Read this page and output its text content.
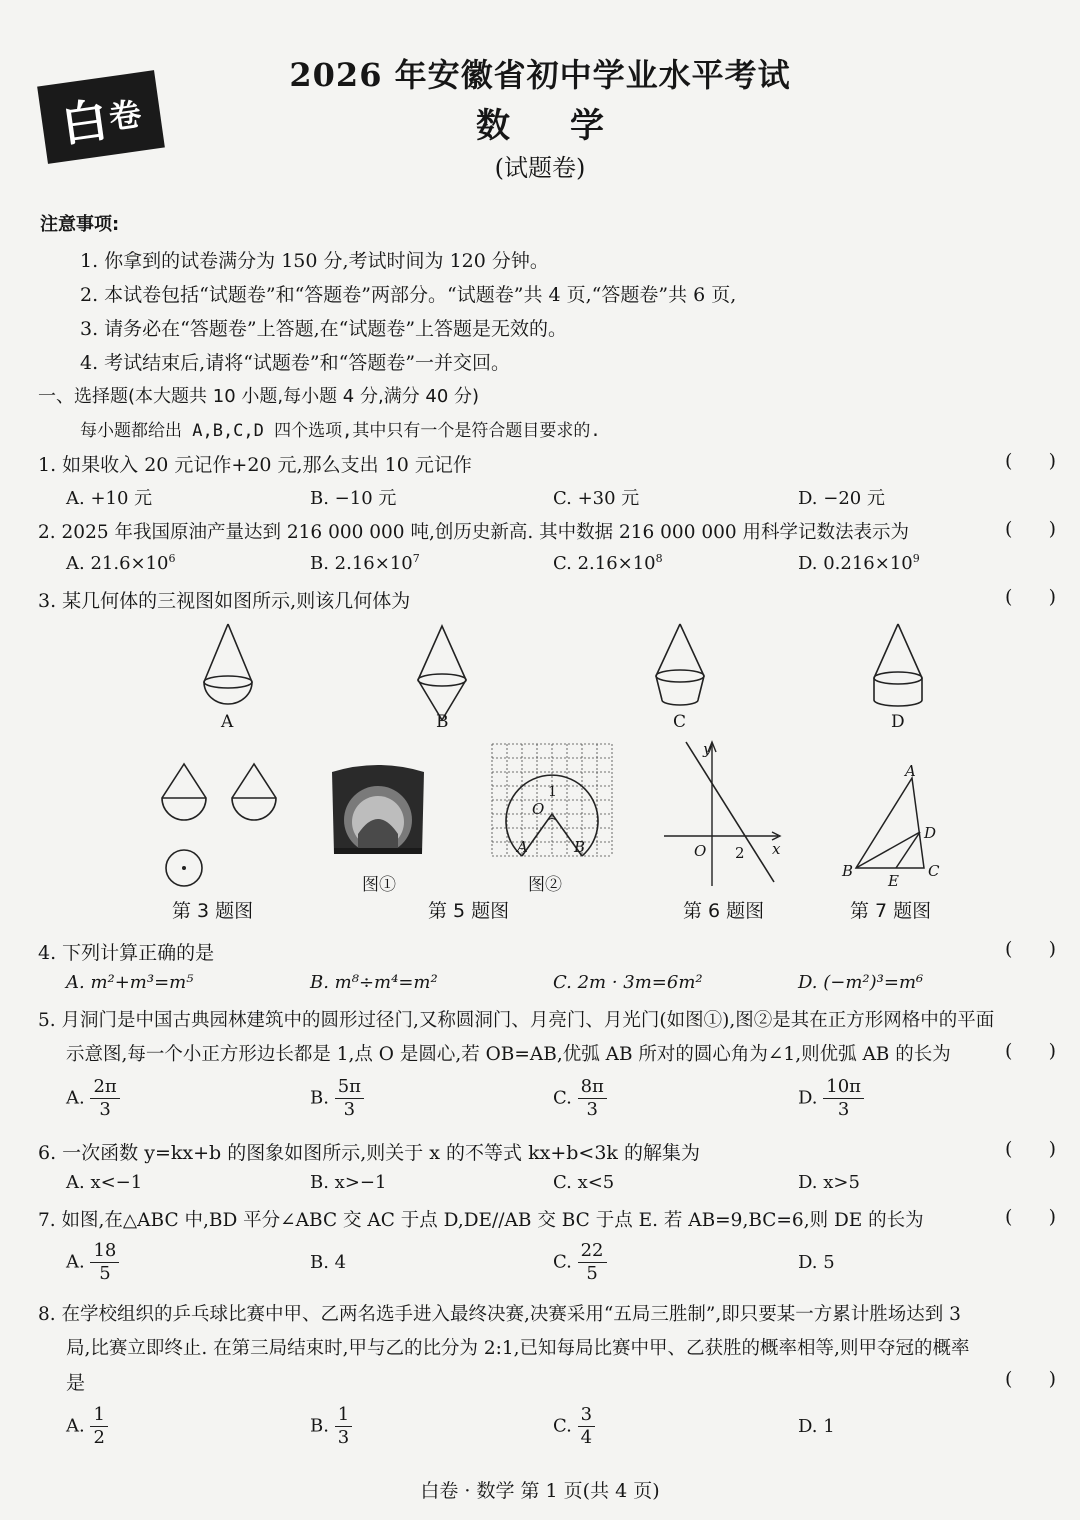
白
卷
2026 年安徽省初中学业水平考试
数学
(试题卷)
注意事项:
1. 你拿到的试卷满分为 150 分,考试时间为 120 分钟。
2. 本试卷包括“试题卷”和“答题卷”两部分。“试题卷”共 4 页,“答题卷”共 6 页,
3. 请务必在“答题卷”上答题,在“试题卷”上答题是无效的。
4. 考试结束后,请将“试题卷”和“答题卷”一并交回。
一、选择题(本大题共 10 小题,每小题 4 分,满分 40 分)
每小题都给出 A,B,C,D 四个选项,其中只有一个是符合题目要求的.
1. 如果收入 20 元记作+20 元,那么支出 10 元记作	(      )
A. +10 元	B. −10 元	C. +30 元	D. −20 元
2. 2025 年我国原油产量达到 216 000 000 吨,创历史新高. 其中数据 216 000 000 用科学记数法表示为	(      )
A. $21.6\times 10^6$	B. $2.16\times 10^7$	C. $2.16\times 10^8$	D. $0.216\times 10^9$
3. 某几何体的三视图如图所示,则该几何体为	(      )
A	B	C	D
第 3 题图
图①
O
1
A	B
图②
第 5 题图
y
x
O 2
第 6 题图
A
D
B	C
E
第 7 题图
4. 下列计算正确的是	(      )
A. m²+m³=m⁵	B. m⁸÷m⁴=m²	C. 2m · 3m=6m²	D. (−m²)³=m⁶
5. 月洞门是中国古典园林建筑中的圆形过径门,又称圆洞门、月亮门、月光门(如图①),图②是其在正方形网格中的平面
示意图,每一个小正方形边长都是 1,点 O 是圆心,若 OB=AB,优弧 AB 所对的圆心角为∠1,则优弧 AB 的长为	(      )
A. $\frac{2\pi}{3}$	B. $\frac{5\pi}{3}$	C. $\frac{8\pi}{3}$	D. $\frac{10\pi}{3}$
6. 一次函数 y=kx+b 的图象如图所示,则关于 x 的不等式 kx+b<3k 的解集为	(      )
A. x<−1	B. x>−1	C. x<5	D. x>5
7. 如图,在△ABC 中,BD 平分∠ABC 交 AC 于点 D,DE//AB 交 BC 于点 E. 若 AB=9,BC=6,则 DE 的长为	(      )
A. $\frac{18}{5}$	B. 4	C. $\frac{22}{5}$	D. 5
8. 在学校组织的乒乓球比赛中甲、乙两名选手进入最终决赛,决赛采用“五局三胜制”,即只要某一方累计胜场达到 3
局,比赛立即终止. 在第三局结束时,甲与乙的比分为 2:1,已知每局比赛中甲、乙获胜的概率相等,则甲夺冠的概率
是	(      )
A. $\frac{1}{2}$	B. $\frac{1}{3}$	C. $\frac{3}{4}$	D. 1
白卷 · 数学 第 1 页(共 4 页)
